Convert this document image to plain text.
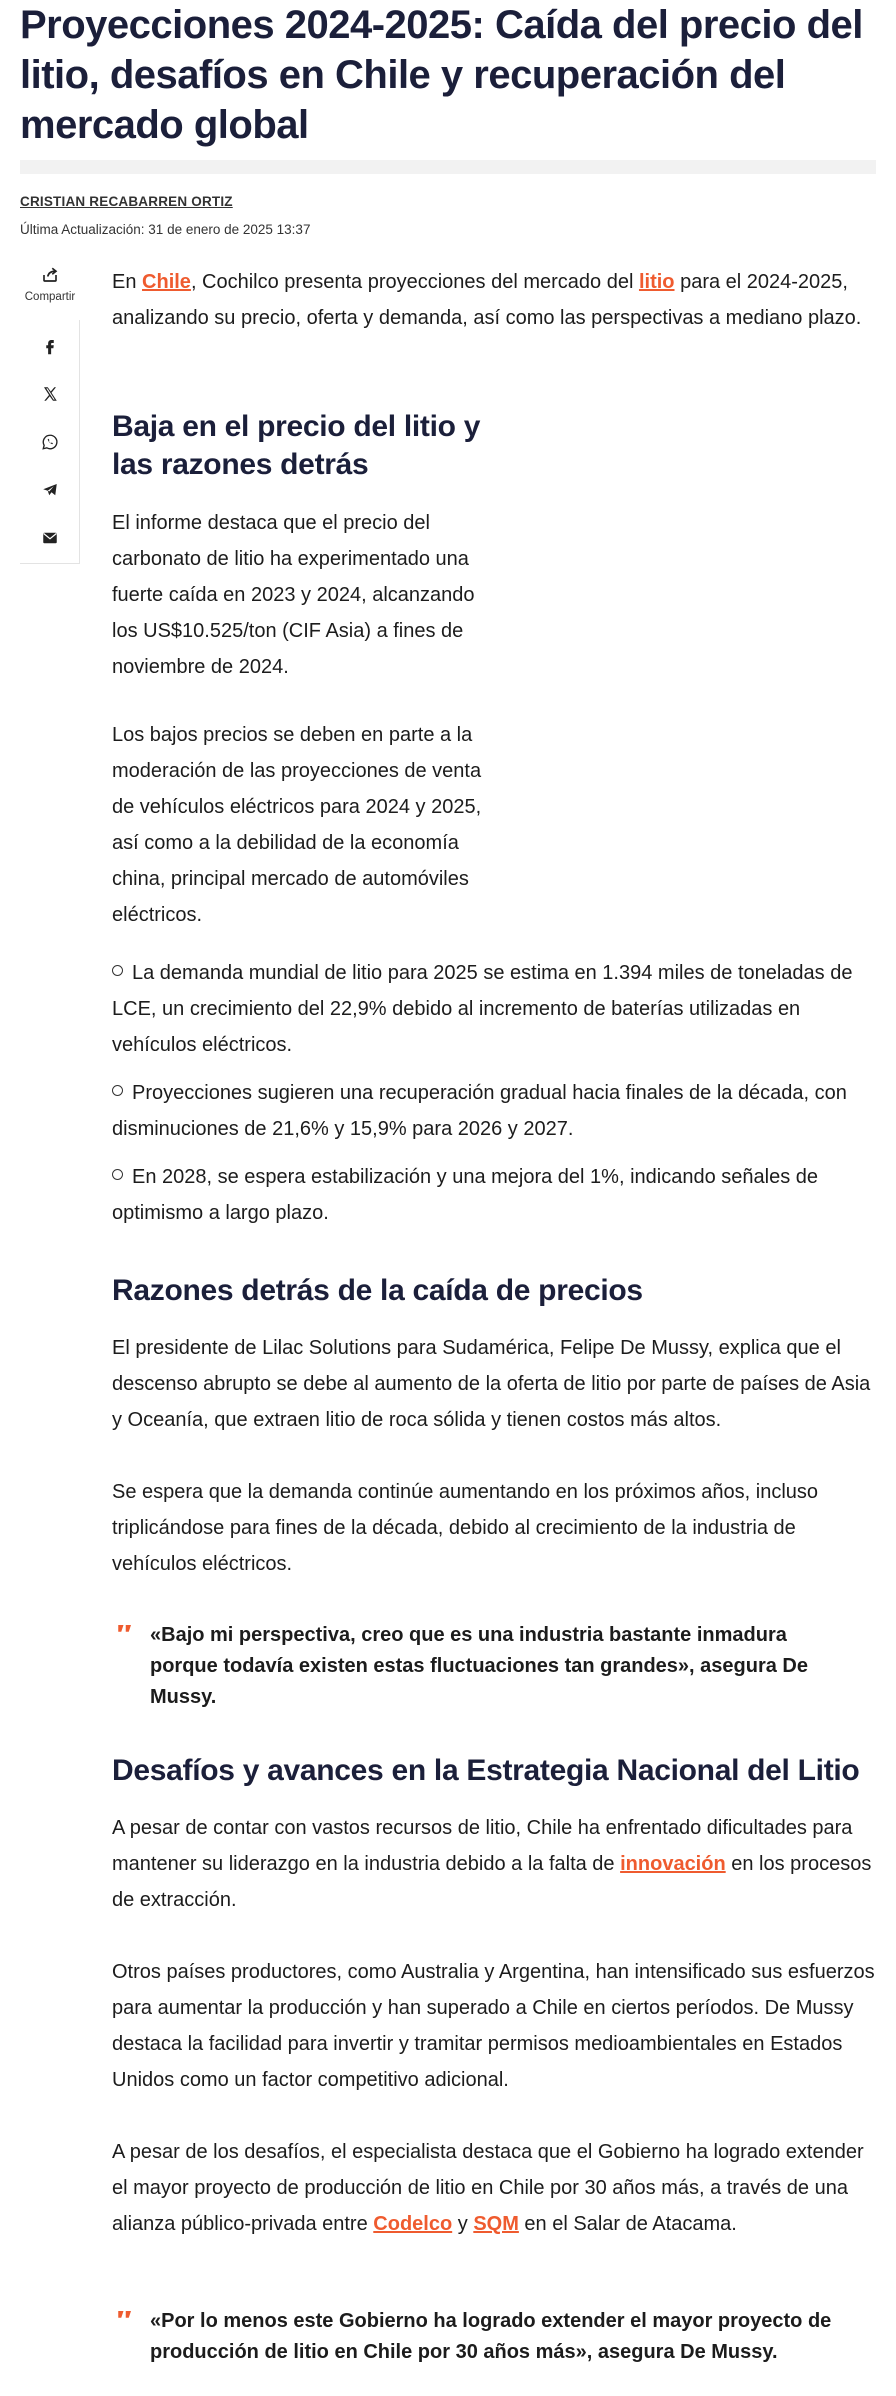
Proyecciones 2024-2025: Caída del precio del litio, desafíos en Chile y recuperación del mercado global
CRISTIAN RECABARREN ORTIZ
Última Actualización: 31 de enero de 2025 13:37
Compartir

En Chile, Cochilco presenta proyecciones del mercado del litio para el 2024-2025, analizando su precio, oferta y demanda, así como las perspectivas a mediano plazo.

Baja en el precio del litio y las razones detrás

El informe destaca que el precio del carbonato de litio ha experimentado una fuerte caída en 2023 y 2024, alcanzando los US$10.525/ton (CIF Asia) a fines de noviembre de 2024.

Los bajos precios se deben en parte a la moderación de las proyecciones de venta de vehículos eléctricos para 2024 y 2025, así como a la debilidad de la economía china, principal mercado de automóviles eléctricos.

La demanda mundial de litio para 2025 se estima en 1.394 miles de toneladas de LCE, un crecimiento del 22,9% debido al incremento de baterías utilizadas en vehículos eléctricos.
Proyecciones sugieren una recuperación gradual hacia finales de la década, con disminuciones de 21,6% y 15,9% para 2026 y 2027.
En 2028, se espera estabilización y una mejora del 1%, indicando señales de optimismo a largo plazo.
Razones detrás de la caída de precios

El presidente de Lilac Solutions para Sudamérica, Felipe De Mussy, explica que el descenso abrupto se debe al aumento de la oferta de litio por parte de países de Asia y Oceanía, que extraen litio de roca sólida y tienen costos más altos.

Se espera que la demanda continúe aumentando en los próximos años, incluso triplicándose para fines de la década, debido al crecimiento de la industria de vehículos eléctricos.

«Bajo mi perspectiva, creo que es una industria bastante inmadura porque todavía existen estas fluctuaciones tan grandes», asegura De Mussy.
Desafíos y avances en la Estrategia Nacional del Litio

A pesar de contar con vastos recursos de litio, Chile ha enfrentado dificultades para mantener su liderazgo en la industria debido a la falta de innovación en los procesos de extracción.

Otros países productores, como Australia y Argentina, han intensificado sus esfuerzos para aumentar la producción y han superado a Chile en ciertos períodos. De Mussy destaca la facilidad para invertir y tramitar permisos medioambientales en Estados Unidos como un factor competitivo adicional.

A pesar de los desafíos, el especialista destaca que el Gobierno ha logrado extender el mayor proyecto de producción de litio en Chile por 30 años más, a través de una alianza público-privada entre Codelco y SQM en el Salar de Atacama.

«Por lo menos este Gobierno ha logrado extender el mayor proyecto de producción de litio en Chile por 30 años más», asegura De Mussy.
